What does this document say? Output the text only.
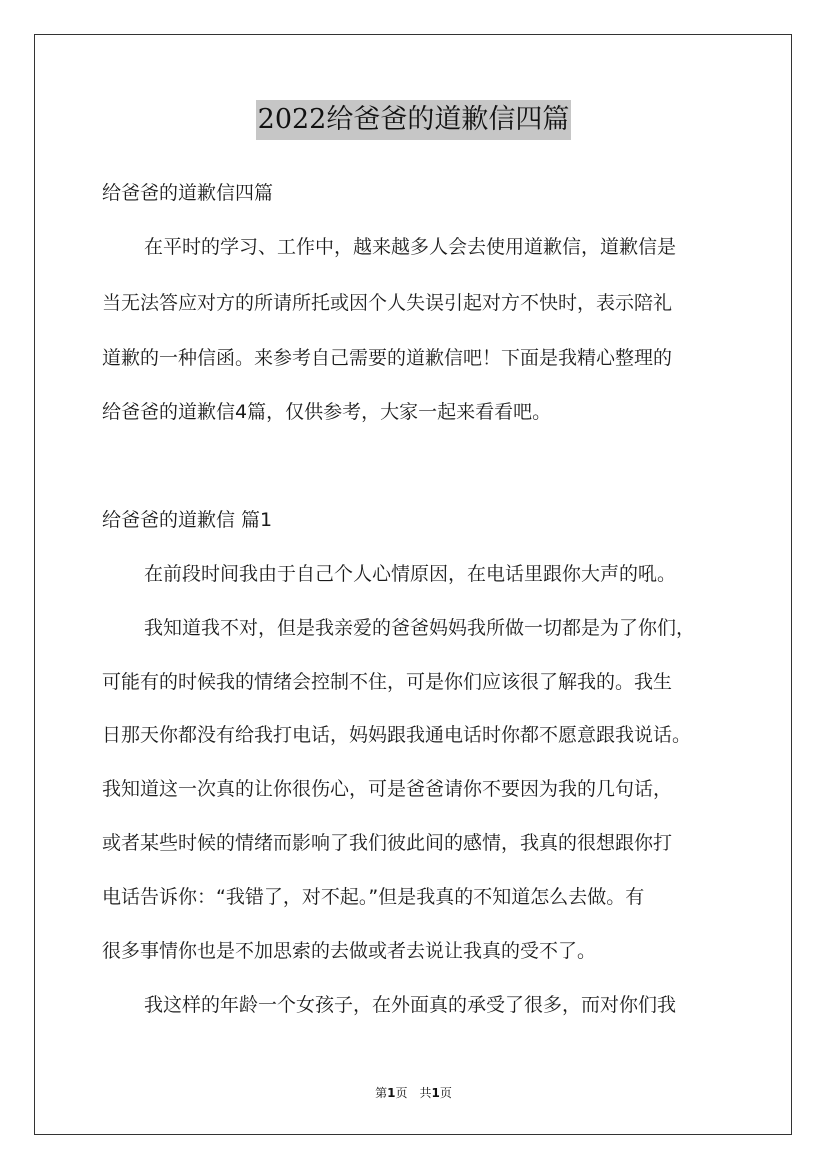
2022给爸爸的道歉信四篇
给爸爸的道歉信四篇
在平时的学习、工作中，越来越多人会去使用道歉信，道歉信是
当无法答应对方的所请所托或因个人失误引起对方不快时，表示陪礼
道歉的一种信函。来参考自己需要的道歉信吧！下面是我精心整理的
给爸爸的道歉信4篇，仅供参考，大家一起来看看吧。
给爸爸的道歉信 篇1
在前段时间我由于自己个人心情原因，在电话里跟你大声的吼。
我知道我不对，但是我亲爱的爸爸妈妈我所做一切都是为了你们，
可能有的时候我的情绪会控制不住，可是你们应该很了解我的。我生
日那天你都没有给我打电话，妈妈跟我通电话时你都不愿意跟我说话。
我知道这一次真的让你很伤心，可是爸爸请你不要因为我的几句话，
或者某些时候的情绪而影响了我们彼此间的感情，我真的很想跟你打
电话告诉你：“我错了，对不起。”但是我真的不知道怎么去做。有
很多事情你也是不加思索的去做或者去说让我真的受不了。
我这样的年龄一个女孩子，在外面真的承受了很多，而对你们我
第1页 共1页
